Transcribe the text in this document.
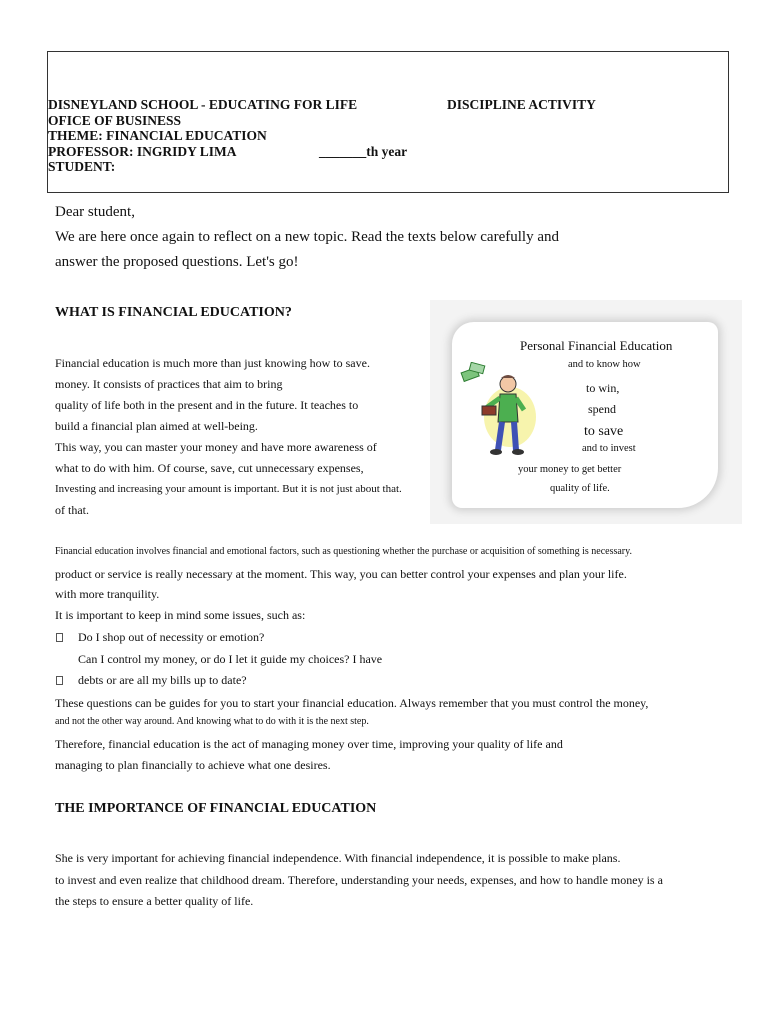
DISNEYLAND SCHOOL - EDUCATING FOR LIFE	DISCIPLINE ACTIVITY
OFICE OF BUSINESS
THEME: FINANCIAL EDUCATION
PROFESSOR: INGRIDY LIMA	_______th year
STUDENT:
Dear student,
We are here once again to reflect on a new topic. Read the texts below carefully and
answer the proposed questions. Let's go!
WHAT IS FINANCIAL EDUCATION?
Financial education is much more than just knowing how to save.
money. It consists of practices that aim to bring
quality of life both in the present and in the future. It teaches to
build a financial plan aimed at well-being.
This way, you can master your money and have more awareness of
what to do with him. Of course, save, cut unnecessary expenses,
Investing and increasing your amount is important. But it is not just about that.
of that.
Personal Financial Education
and to know how
to win,
spend
to save
and to invest
your money to get better
quality of life.
Financial education involves financial and emotional factors, such as questioning whether the purchase or acquisition of something is necessary.
product or service is really necessary at the moment. This way, you can better control your expenses and plan your life.
with more tranquility.
It is important to keep in mind some issues, such as:
Do I shop out of necessity or emotion?
Can I control my money, or do I let it guide my choices? I have
debts or are all my bills up to date?
These questions can be guides for you to start your financial education. Always remember that you must control the money,
and not the other way around. And knowing what to do with it is the next step.
Therefore, financial education is the act of managing money over time, improving your quality of life and
managing to plan financially to achieve what one desires.
THE IMPORTANCE OF FINANCIAL EDUCATION
She is very important for achieving financial independence. With financial independence, it is possible to make plans.
to invest and even realize that childhood dream. Therefore, understanding your needs, expenses, and how to handle money is a
the steps to ensure a better quality of life.
